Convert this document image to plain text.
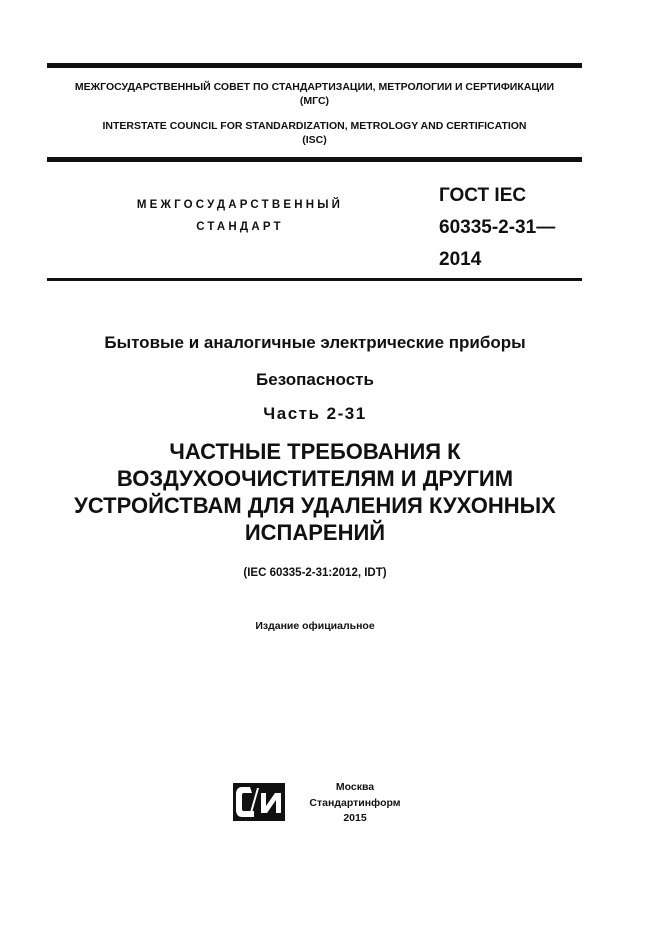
МЕЖГОСУДАРСТВЕННЫЙ СОВЕТ ПО СТАНДАРТИЗАЦИИ, МЕТРОЛОГИИ И СЕРТИФИКАЦИИ
(МГС)
INTERSTATE COUNCIL FOR STANDARDIZATION, METROLOGY AND CERTIFICATION
(ISC)
МЕЖГОСУДАРСТВЕННЫЙ
СТАНДАРТ
ГОСТ IEC
60335-2-31—
2014
Бытовые и аналогичные электрические приборы
Безопасность
Часть 2-31
ЧАСТНЫЕ ТРЕБОВАНИЯ К
ВОЗДУХООЧИСТИТЕЛЯМ И ДРУГИМ
УСТРОЙСТВАМ ДЛЯ УДАЛЕНИЯ КУХОННЫХ
ИСПАРЕНИЙ
(IEC 60335-2-31:2012, IDT)
Издание официальное
Москва
Стандартинформ
2015
